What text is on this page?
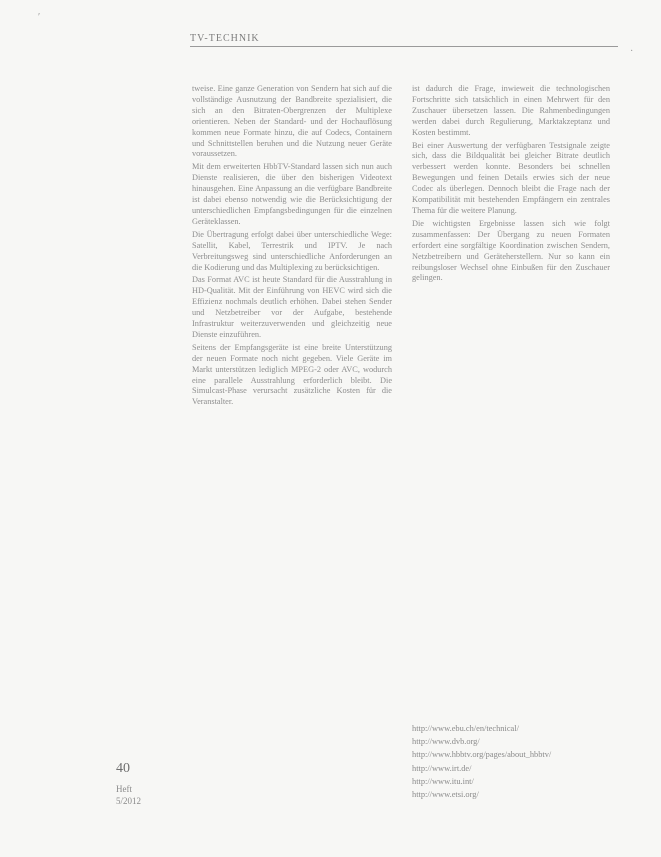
TV-TECHNIK
′
·

tweise. Eine ganze Generation von Sendern hat sich auf die vollständige Ausnutzung der Bandbreite spezialisiert, die sich an den Bitraten-Obergrenzen der Multiplexe orientieren. Neben der Standard- und der Hochauflösung kommen neue Formate hinzu, die auf Codecs, Containern und Schnittstellen beruhen und die Nutzung neuer Geräte voraussetzen.

Mit dem erweiterten HbbTV-Standard lassen sich nun auch Dienste realisieren, die über den bisherigen Videotext hinausgehen. Eine Anpassung an die verfügbare Bandbreite ist dabei ebenso notwendig wie die Berücksichtigung der unterschiedlichen Empfangsbedingungen für die einzelnen Geräteklassen.

Die Übertragung erfolgt dabei über unterschiedliche Wege: Satellit, Kabel, Terrestrik und IPTV. Je nach Verbreitungsweg sind unterschiedliche Anforderungen an die Kodierung und das Multiplexing zu berücksichtigen.

Das Format AVC ist heute Standard für die Ausstrahlung in HD-Qualität. Mit der Einführung von HEVC wird sich die Effizienz nochmals deutlich erhöhen. Dabei stehen Sender und Netzbetreiber vor der Aufgabe, bestehende Infrastruktur weiterzuverwenden und gleichzeitig neue Dienste einzuführen.

Seitens der Empfangsgeräte ist eine breite Unterstützung der neuen Formate noch nicht gegeben. Viele Geräte im Markt unterstützen lediglich MPEG-2 oder AVC, wodurch eine parallele Ausstrahlung erforderlich bleibt. Die Simulcast-Phase verursacht zusätzliche Kosten für die Veranstalter.

ist dadurch die Frage, inwieweit die technologischen Fortschritte sich tatsächlich in einen Mehrwert für den Zuschauer übersetzen lassen. Die Rahmenbedingungen werden dabei durch Regulierung, Marktakzeptanz und Kosten bestimmt.

Bei einer Auswertung der verfügbaren Testsignale zeigte sich, dass die Bildqualität bei gleicher Bitrate deutlich verbessert werden konnte. Besonders bei schnellen Bewegungen und feinen Details erwies sich der neue Codec als überlegen. Dennoch bleibt die Frage nach der Kompatibilität mit bestehenden Empfängern ein zentrales Thema für die weitere Planung.

Die wichtigsten Ergebnisse lassen sich wie folgt zusammenfassen: Der Übergang zu neuen Formaten erfordert eine sorgfältige Koordination zwischen Sendern, Netzbetreibern und Geräteherstellern. Nur so kann ein reibungsloser Wechsel ohne Einbußen für den Zuschauer gelingen.

http://www.ebu.ch/en/technical/
http://www.dvb.org/
http://www.hbbtv.org/pages/about_hbbtv/
http://www.irt.de/
http://www.itu.int/
http://www.etsi.org/
40
Heft
5/2012
